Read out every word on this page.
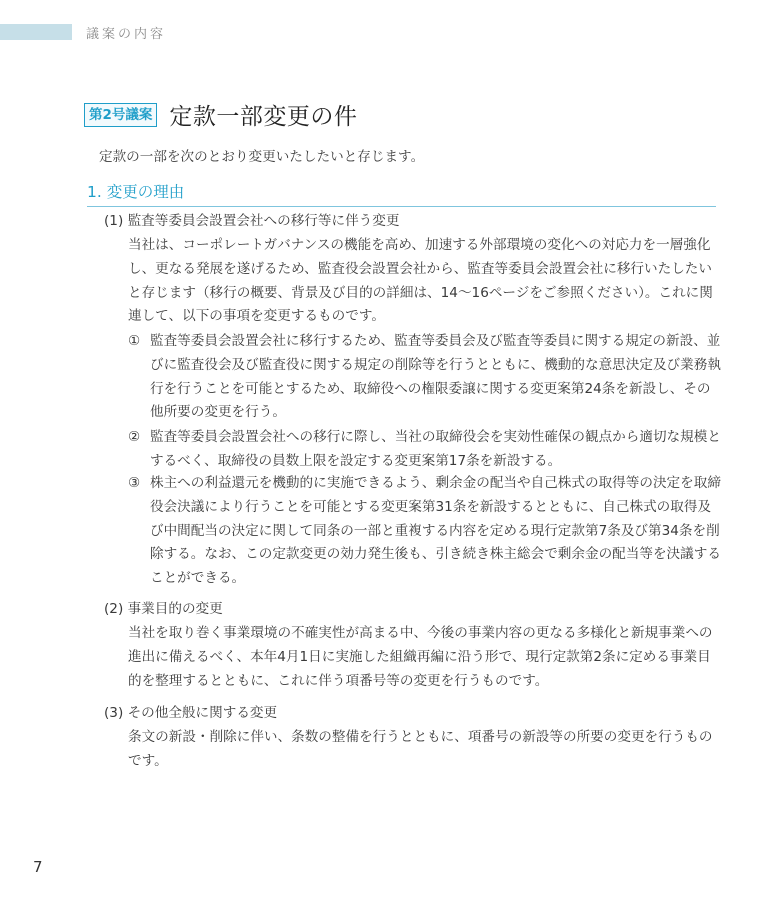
議案の内容
第2号議案 定款一部変更の件
定款の一部を次のとおり変更いたしたいと存じます。
1. 変更の理由
(1) 監査等委員会設置会社への移行等に伴う変更
当社は、コーポレートガバナンスの機能を高め、加速する外部環境の変化への対応力を一層強化し、更なる発展を遂げるため、監査役会設置会社から、監査等委員会設置会社に移行いたしたいと存じます（移行の概要、背景及び目的の詳細は、14～16ページをご参照ください）。これに関連して、以下の事項を変更するものです。
① 監査等委員会設置会社に移行するため、監査等委員会及び監査等委員に関する規定の新設、並びに監査役会及び監査役に関する規定の削除等を行うとともに、機動的な意思決定及び業務執行を行うことを可能とするため、取締役への権限委譲に関する変更案第24条を新設し、その他所要の変更を行う。
② 監査等委員会設置会社への移行に際し、当社の取締役会を実効性確保の観点から適切な規模とするべく、取締役の員数上限を設定する変更案第17条を新設する。
③ 株主への利益還元を機動的に実施できるよう、剰余金の配当や自己株式の取得等の決定を取締役会決議により行うことを可能とする変更案第31条を新設するとともに、自己株式の取得及び中間配当の決定に関して同条の一部と重複する内容を定める現行定款第7条及び第34条を削除する。なお、この定款変更の効力発生後も、引き続き株主総会で剰余金の配当等を決議することができる。
(2) 事業目的の変更
当社を取り巻く事業環境の不確実性が高まる中、今後の事業内容の更なる多様化と新規事業への進出に備えるべく、本年4月1日に実施した組織再編に沿う形で、現行定款第2条に定める事業目的を整理するとともに、これに伴う項番号等の変更を行うものです。
(3) その他全般に関する変更
条文の新設・削除に伴い、条数の整備を行うとともに、項番号の新設等の所要の変更を行うものです。
7
